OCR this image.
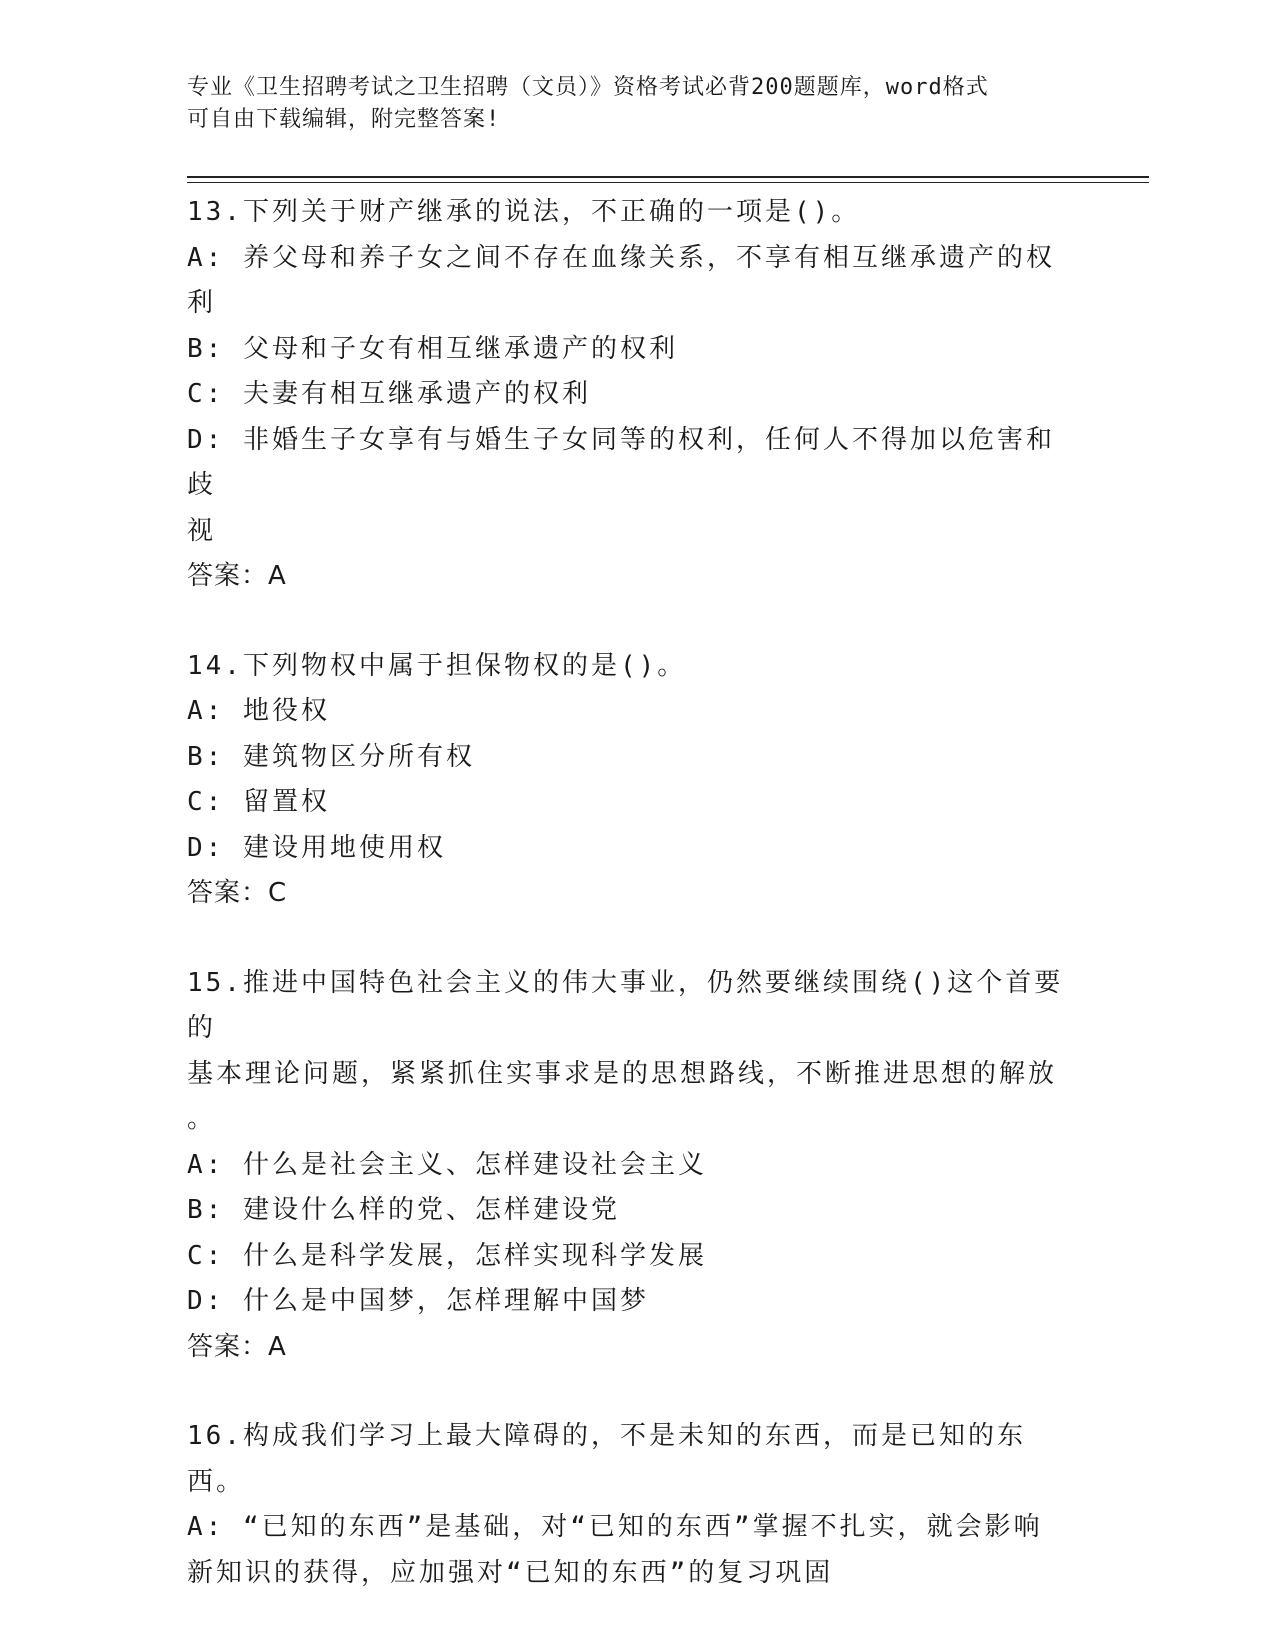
专业《卫生招聘考试之卫生招聘（文员）》资格考试必背200题题库，word格式
可自由下载编辑，附完整答案!
13.下列关于财产继承的说法，不正确的一项是()。
A: 养父母和养子女之间不存在血缘关系，不享有相互继承遗产的权利
B: 父母和子女有相互继承遗产的权利
C: 夫妻有相互继承遗产的权利
D: 非婚生子女享有与婚生子女同等的权利，任何人不得加以危害和歧
视
答案：A
14.下列物权中属于担保物权的是()。
A: 地役权
B: 建筑物区分所有权
C: 留置权
D: 建设用地使用权
答案：C
15.推进中国特色社会主义的伟大事业，仍然要继续围绕()这个首要的
基本理论问题，紧紧抓住实事求是的思想路线，不断推进思想的解放
。
A: 什么是社会主义、怎样建设社会主义
B: 建设什么样的党、怎样建设党
C: 什么是科学发展，怎样实现科学发展
D: 什么是中国梦，怎样理解中国梦
答案：A
16.构成我们学习上最大障碍的，不是未知的东西，而是已知的东西。
A: “已知的东西”是基础，对“已知的东西”掌握不扎实，就会影响
新知识的获得，应加强对“已知的东西”的复习巩固
